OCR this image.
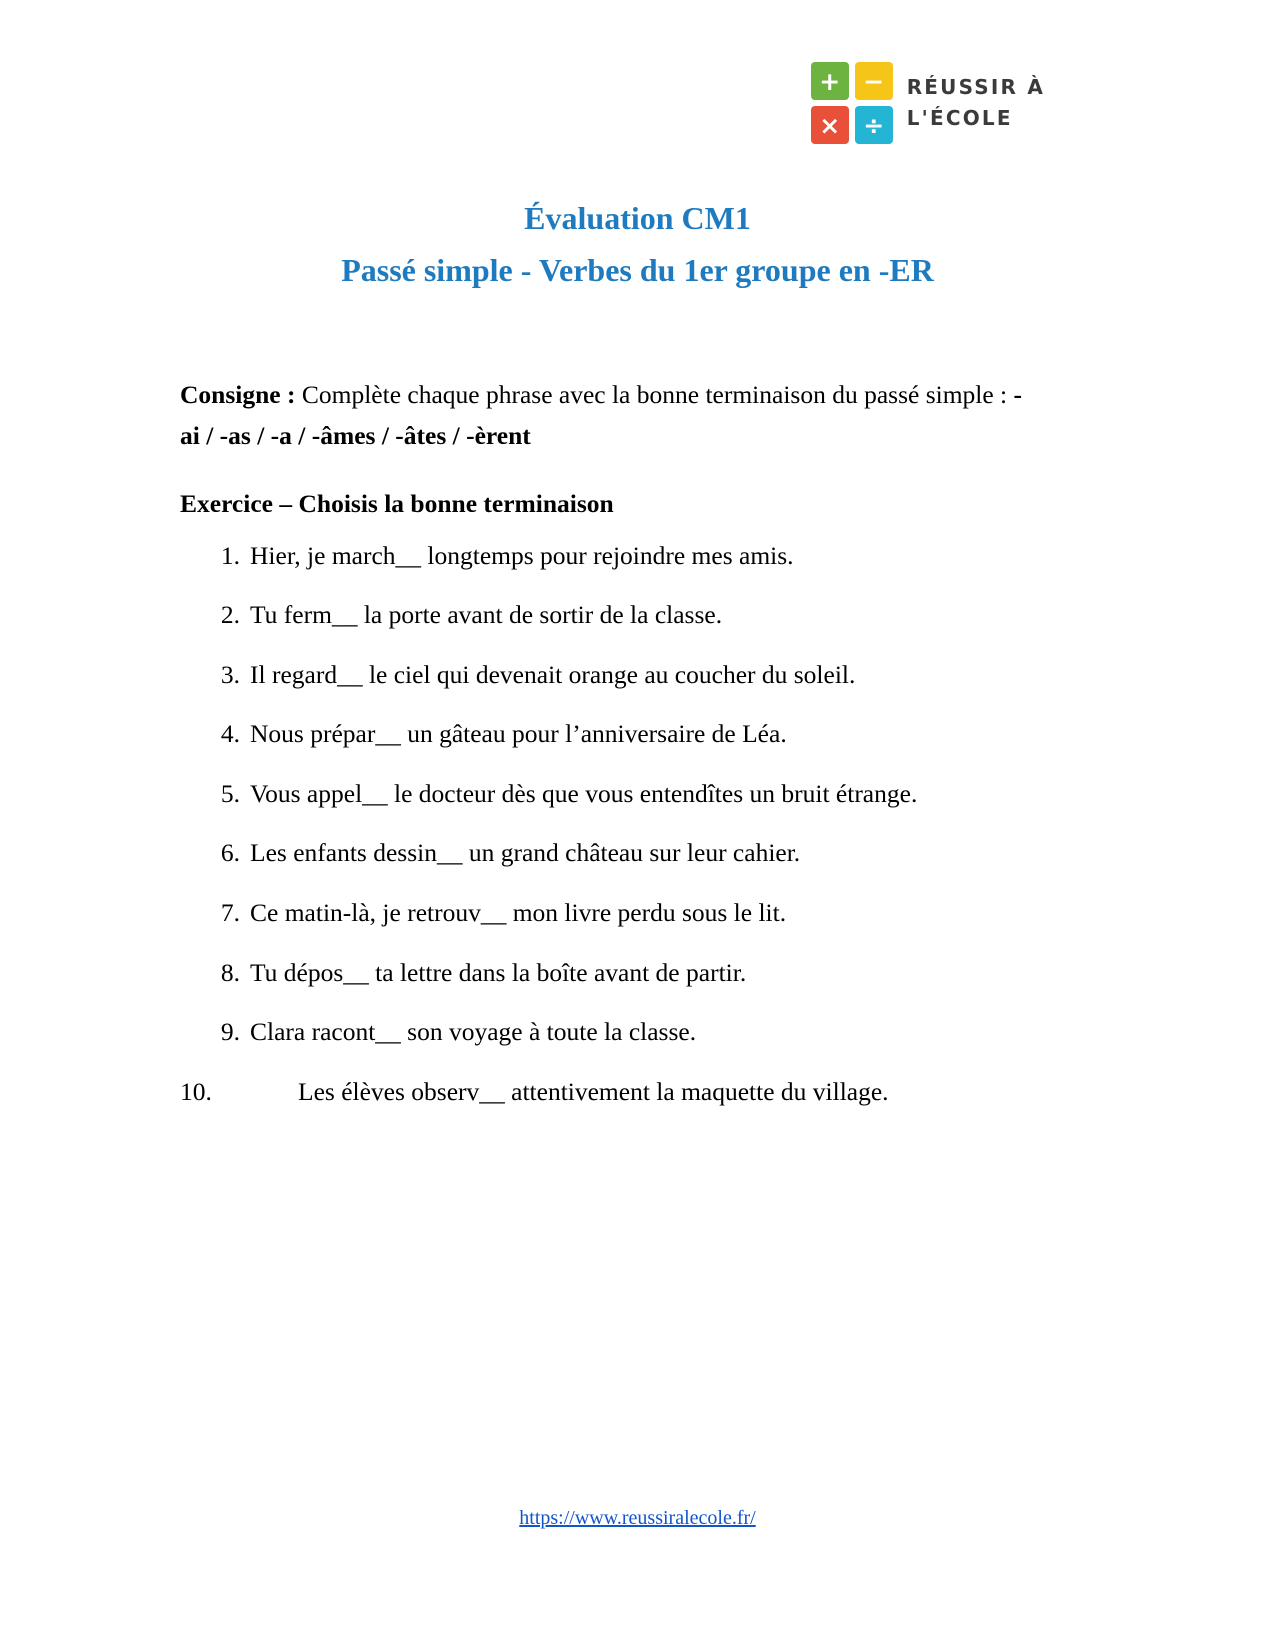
+ −
× ÷
RÉUSSIR À
L'ÉCOLE
Évaluation CM1
Passé simple - Verbes du 1er groupe en -ER

Consigne : Complète chaque phrase avec la bonne terminaison du passé simple : -ai / -as / -a / -âmes / -âtes / -èrent

Exercice – Choisis la bonne terminaison

1. Hier, je march__ longtemps pour rejoindre mes amis.
2. Tu ferm__ la porte avant de sortir de la classe.
3. Il regard__ le ciel qui devenait orange au coucher du soleil.
4. Nous prépar__ un gâteau pour l’anniversaire de Léa.
5. Vous appel__ le docteur dès que vous entendîtes un bruit étrange.
6. Les enfants dessin__ un grand château sur leur cahier.
7. Ce matin-là, je retrouv__ mon livre perdu sous le lit.
8. Tu dépos__ ta lettre dans la boîte avant de partir.
9. Clara racont__ son voyage à toute la classe.
10.	Les élèves observ__ attentivement la maquette du village.
https://www.reussiralecole.fr/
